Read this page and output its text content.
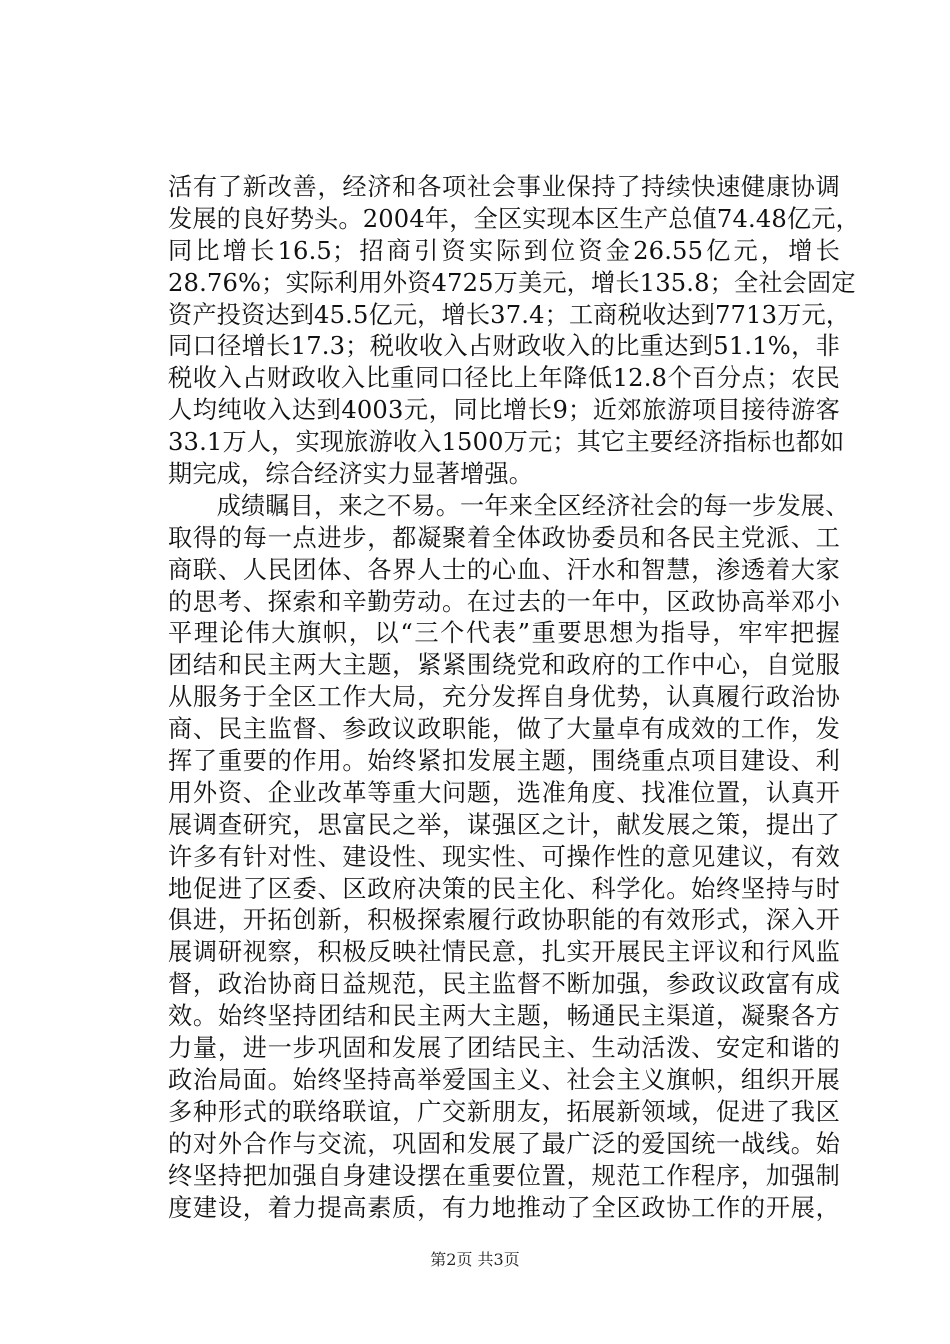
活有了新改善，经济和各项社会事业保持了持续快速健康协调
发展的良好势头。2004年，全区实现本区生产总值74.48亿元，
同比增长16.5；招商引资实际到位资金26.55亿元，增长
28.76%；实际利用外资4725万美元，增长135.8；全社会固定
资产投资达到45.5亿元，增长37.4；工商税收达到7713万元，
同口径增长17.3；税收收入占财政收入的比重达到51.1%，非
税收入占财政收入比重同口径比上年降低12.8个百分点；农民
人均纯收入达到4003元，同比增长9；近郊旅游项目接待游客
33.1万人，实现旅游收入1500万元；其它主要经济指标也都如
期完成，综合经济实力显著增强。
　　成绩瞩目，来之不易。一年来全区经济社会的每一步发展、
取得的每一点进步，都凝聚着全体政协委员和各民主党派、工
商联、人民团体、各界人士的心血、汗水和智慧，渗透着大家
的思考、探索和辛勤劳动。在过去的一年中，区政协高举邓小
平理论伟大旗帜，以“三个代表”重要思想为指导，牢牢把握
团结和民主两大主题，紧紧围绕党和政府的工作中心，自觉服
从服务于全区工作大局，充分发挥自身优势，认真履行政治协
商、民主监督、参政议政职能，做了大量卓有成效的工作，发
挥了重要的作用。始终紧扣发展主题，围绕重点项目建设、利
用外资、企业改革等重大问题，选准角度、找准位置，认真开
展调查研究，思富民之举，谋强区之计，献发展之策，提出了
许多有针对性、建设性、现实性、可操作性的意见建议，有效
地促进了区委、区政府决策的民主化、科学化。始终坚持与时
俱进，开拓创新，积极探索履行政协职能的有效形式，深入开
展调研视察，积极反映社情民意，扎实开展民主评议和行风监
督，政治协商日益规范，民主监督不断加强，参政议政富有成
效。始终坚持团结和民主两大主题，畅通民主渠道，凝聚各方
力量，进一步巩固和发展了团结民主、生动活泼、安定和谐的
政治局面。始终坚持高举爱国主义、社会主义旗帜，组织开展
多种形式的联络联谊，广交新朋友，拓展新领域，促进了我区
的对外合作与交流，巩固和发展了最广泛的爱国统一战线。始
终坚持把加强自身建设摆在重要位置，规范工作程序，加强制
度建设，着力提高素质，有力地推动了全区政协工作的开展，
第2页 共3页
